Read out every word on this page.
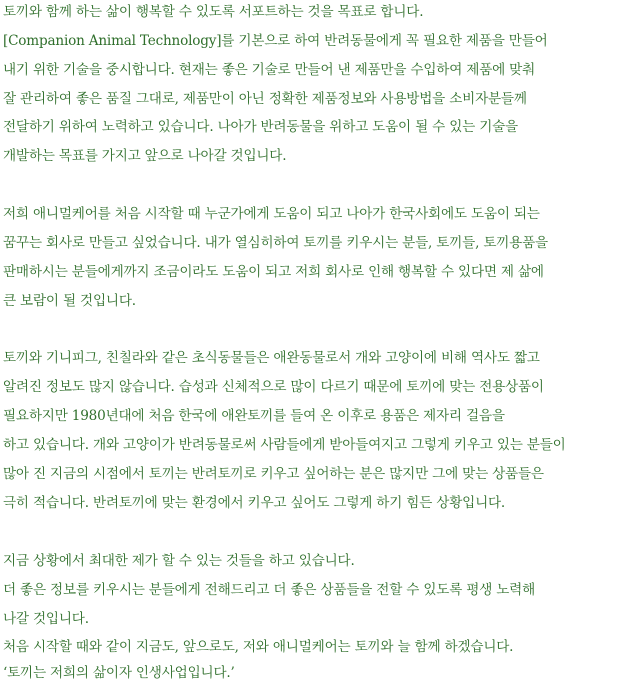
토끼와 함께 하는 삶이 행복할 수 있도록 서포트하는 것을 목표로 합니다.
[Companion Animal Technology]를 기본으로 하여 반려동물에게 꼭 필요한 제품을 만들어
내기 위한 기술을 중시합니다. 현재는 좋은 기술로 만들어 낸 제품만을 수입하여 제품에 맞춰
잘 관리하여 좋은 품질 그대로, 제품만이 아닌 정확한 제품정보와 사용방법을 소비자분들께
전달하기 위하여 노력하고 있습니다. 나아가 반려동물을 위하고 도움이 될 수 있는 기술을
개발하는 목표를 가지고 앞으로 나아갈 것입니다.
저희 애니멀케어를 처음 시작할 때 누군가에게 도움이 되고 나아가 한국사회에도 도움이 되는
꿈꾸는 회사로 만들고 싶었습니다. 내가 열심히하여 토끼를 키우시는 분들, 토끼들, 토끼용품을
판매하시는 분들에게까지 조금이라도 도움이 되고 저희 회사로 인해 행복할 수 있다면 제 삶에
큰 보람이 될 것입니다.
토끼와 기니피그, 친칠라와 같은 초식동물들은 애완동물로서 개와 고양이에 비해 역사도 짧고
알려진 정보도 많지 않습니다. 습성과 신체적으로 많이 다르기 때문에 토끼에 맞는 전용상품이
필요하지만 1980년대에 처음 한국에 애완토끼를 들여 온 이후로 용품은 제자리 걸음을
하고 있습니다. 개와 고양이가 반려동물로써 사람들에게 받아들여지고 그렇게 키우고 있는 분들이
많아 진 지금의 시점에서 토끼는 반려토끼로 키우고 싶어하는 분은 많지만 그에 맞는 상품들은
극히 적습니다. 반려토끼에 맞는 환경에서 키우고 싶어도 그렇게 하기 힘든 상황입니다.
지금 상황에서 최대한 제가 할 수 있는 것들을 하고 있습니다.
더 좋은 정보를 키우시는 분들에게 전해드리고 더 좋은 상품들을 전할 수 있도록 평생 노력해
나갈 것입니다.
처음 시작할 때와 같이 지금도, 앞으로도, 저와 애니멀케어는 토끼와 늘 함께 하겠습니다.
‘토끼는 저희의 삶이자 인생사업입니다.’
